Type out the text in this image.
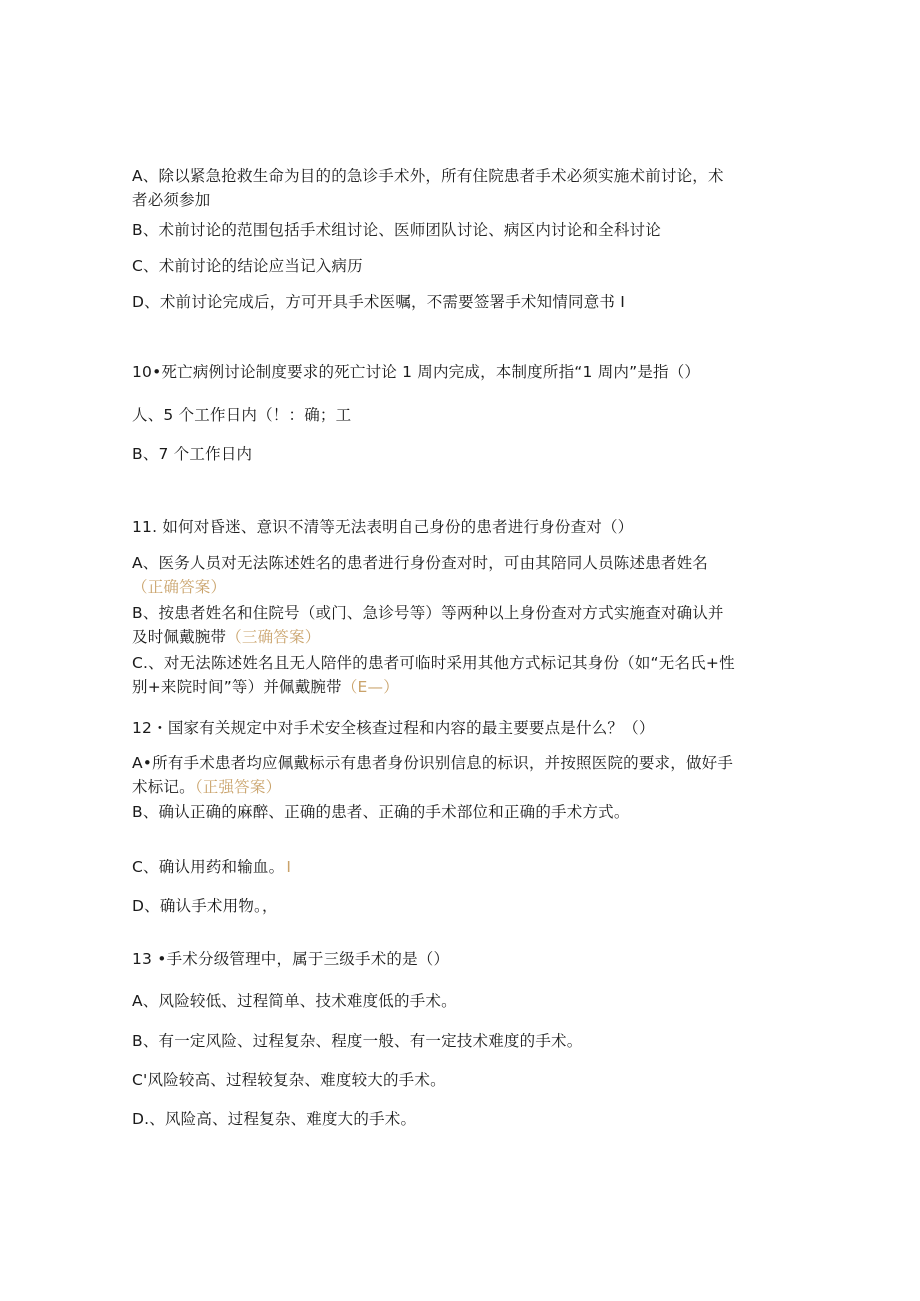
A、除以紧急抢救生命为目的的急诊手术外，所有住院患者手术必须实施术前讨论，术
者必须参加
B、术前讨论的范围包括手术组讨论、医师团队讨论、病区内讨论和全科讨论
C、术前讨论的结论应当记入病历
D、术前讨论完成后，方可开具手术医嘱，不需要签署手术知情同意书 I
10•死亡病例讨论制度要求的死亡讨论 1 周内完成，本制度所指“1 周内”是指（）
人、5 个工作日内（！：确；工
B、7 个工作日内
11. 如何对昏迷、意识不清等无法表明自己身份的患者进行身份查对（）
A、医务人员对无法陈述姓名的患者进行身份查对时，可由其陪同人员陈述患者姓名
（正确答案）
B、按患者姓名和住院号（或门、急诊号等）等两种以上身份查对方式实施查对确认并
及时佩戴腕带（三确答案）
C.、对无法陈述姓名且无人陪伴的患者可临时采用其他方式标记其身份（如“无名氏+性
别+来院时间”等）并佩戴腕带（E—）
12・国家有关规定中对手术安全核查过程和内容的最主要要点是什么？（）
A•所有手术患者均应佩戴标示有患者身份识别信息的标识，并按照医院的要求，做好手
术标记。（正强答案）
B、确认正确的麻醉、正确的患者、正确的手术部位和正确的手术方式。
C、确认用药和输血。 I
D、确认手术用物。，
13 •手术分级管理中，属于三级手术的是（）
A、风险较低、过程简单、技术难度低的手术。
B、有一定风险、过程复杂、程度一般、有一定技术难度的手术。
C'风险较高、过程较复杂、难度较大的手术。
D.、风险高、过程复杂、难度大的手术。
